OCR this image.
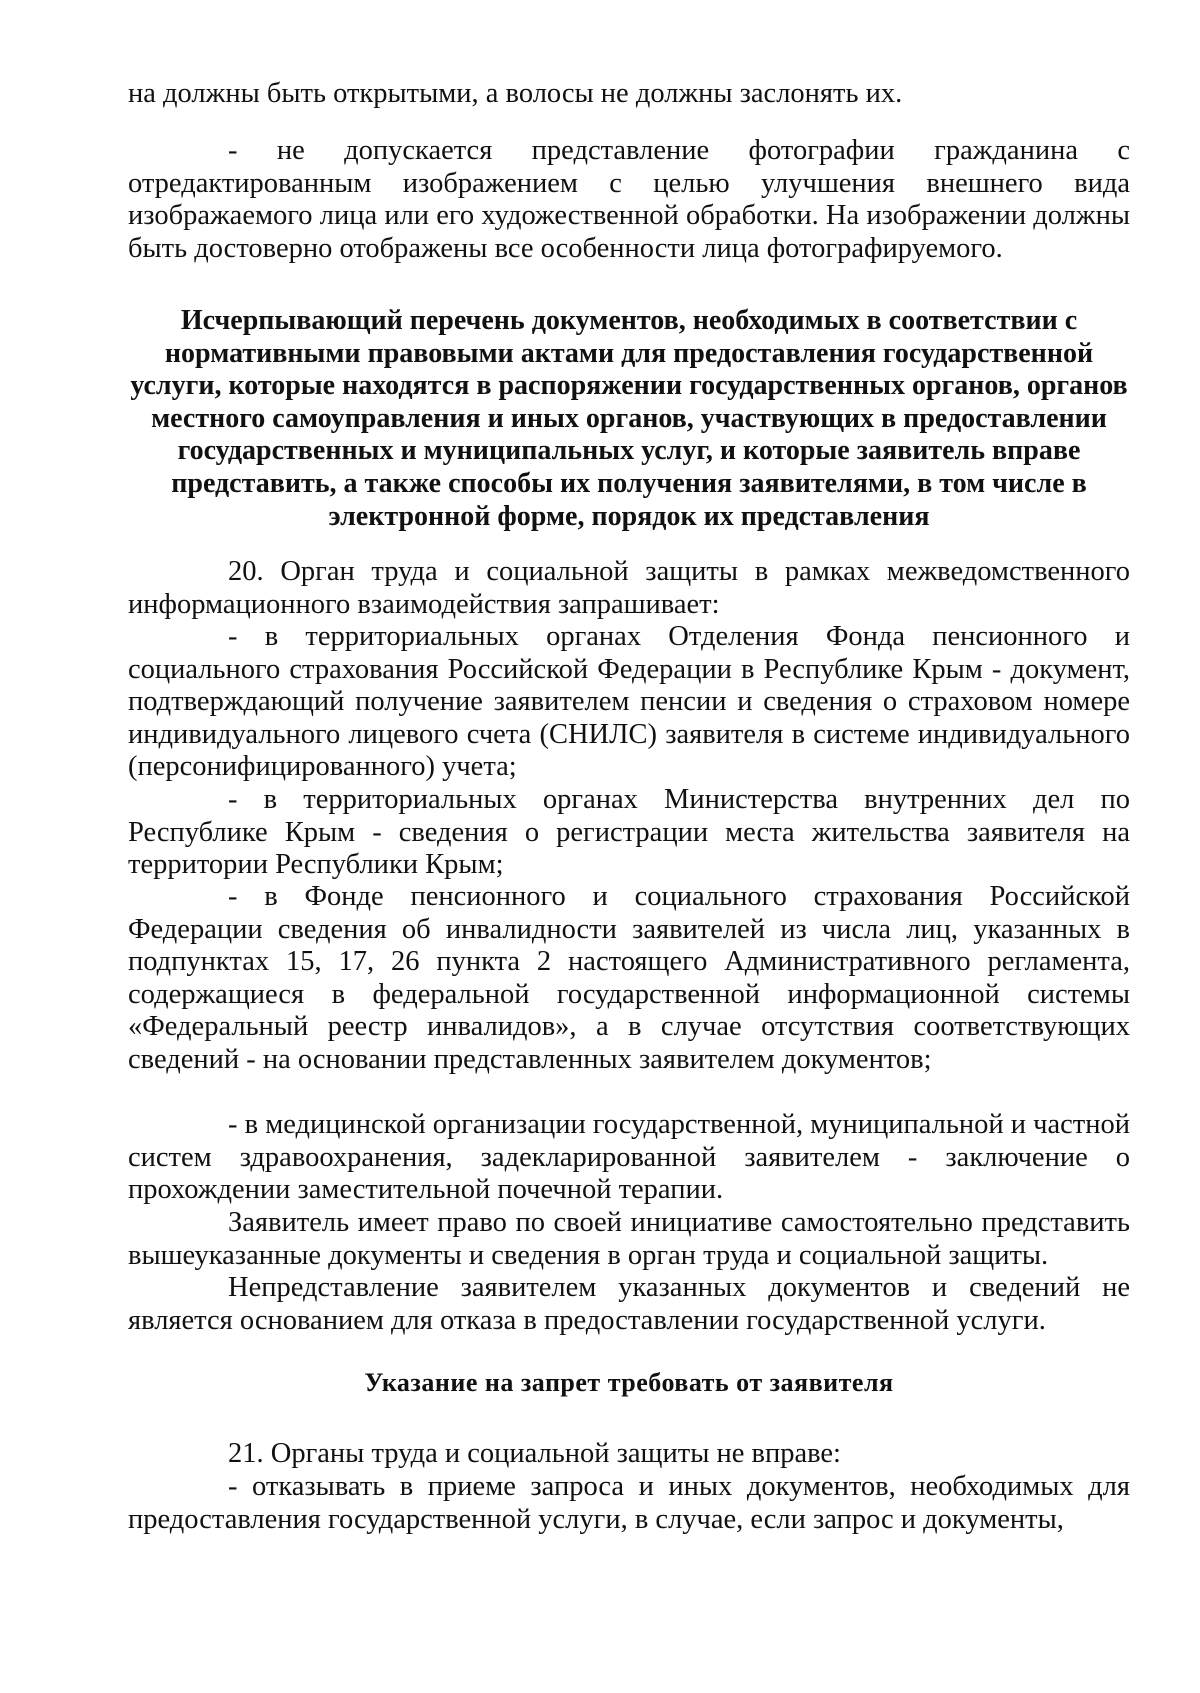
на должны быть открытыми, а волосы не должны заслонять их.

- не допускается представление фотографии гражданина с отредактированным изображением с целью улучшения внешнего вида изображаемого лица или его художественной обработки. На изображении должны быть достоверно отображены все особенности лица фотографируемого.

Исчерпывающий перечень документов, необходимых в соответствии с нормативными правовыми актами для предоставления государственной услуги, которые находятся в распоряжении государственных органов, органов местного самоуправления и иных органов, участвующих в предоставлении государственных и муниципальных услуг, и которые заявитель вправе представить, а также способы их получения заявителями, в том числе в электронной форме, порядок их представления

20. Орган труда и социальной защиты в рамках межведомственного информационного взаимодействия запрашивает:

- в территориальных органах Отделения Фонда пенсионного и социального страхования Российской Федерации в Республике Крым - документ, подтверждающий получение заявителем пенсии и сведения о страховом номере индивидуального лицевого счета (СНИЛС) заявителя в системе индивидуального (персонифицированного) учета;

- в территориальных органах Министерства внутренних дел по Республике Крым - сведения о регистрации места жительства заявителя на территории Республики Крым;

- в Фонде пенсионного и социального страхования Российской Федерации сведения об инвалидности заявителей из числа лиц, указанных в подпунктах 15, 17, 26 пункта 2 настоящего Административного регламента, содержащиеся в федеральной государственной информационной системы «Федеральный реестр инвалидов», а в случае отсутствия соответствующих сведений - на основании представленных заявителем документов;

- в медицинской организации государственной, муниципальной и частной систем здравоохранения, задекларированной заявителем - заключение о прохождении заместительной почечной терапии.

Заявитель имеет право по своей инициативе самостоятельно представить вышеуказанные документы и сведения в орган труда и социальной защиты.

Непредставление заявителем указанных документов и сведений не является основанием для отказа в предоставлении государственной услуги.

Указание на запрет требовать от заявителя

21. Органы труда и социальной защиты не вправе:

- отказывать в приеме запроса и иных документов, необходимых для предоставления государственной услуги, в случае, если запрос и документы,
